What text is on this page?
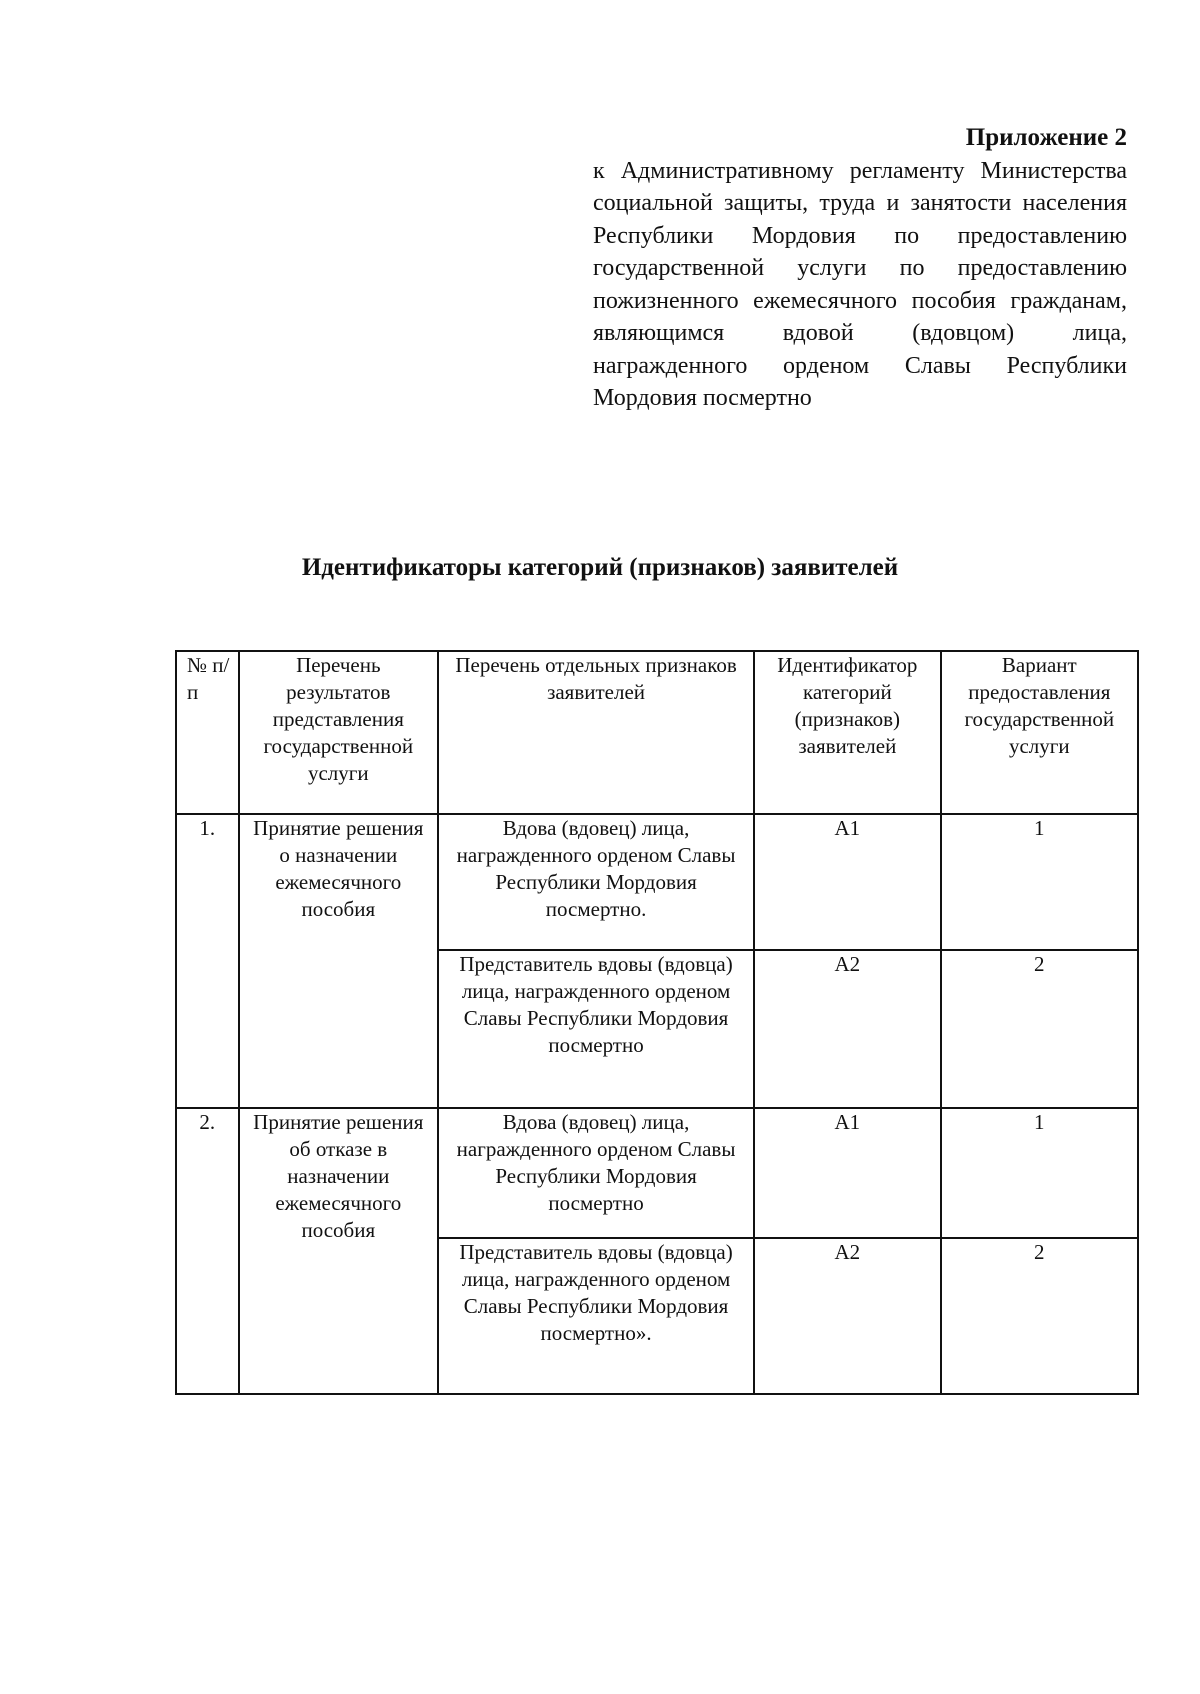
Приложение 2
к Административному регламенту Министерства социальной защиты, труда и занятости населения Республики Мордовия по предоставлению государственной услуги по предоставлению пожизненного ежемесячного пособия гражданам, являющимся вдовой (вдовцом) лица, награжденного орденом Славы Республики Мордовия посмертно
Идентификаторы категорий (признаков) заявителей
№ п/п	Перечень результатов представления государственной услуги	Перечень отдельных признаков заявителей	Идентификатор категорий (признаков) заявителей	Вариант предоставления государственной услуги
1.	Принятие решения о назначении ежемесячного пособия	Вдова (вдовец) лица, награжденного орденом Славы Республики Мордовия посмертно.	А1	1
		Представитель вдовы (вдовца) лица, награжденного орденом Славы Республики Мордовия посмертно	А2	2
2.	Принятие решения об отказе в назначении ежемесячного пособия	Вдова (вдовец) лица, награжденного орденом Славы Республики Мордовия посмертно	А1	1
		Представитель вдовы (вдовца) лица, награжденного орденом Славы Республики Мордовия посмертно».	А2	2
